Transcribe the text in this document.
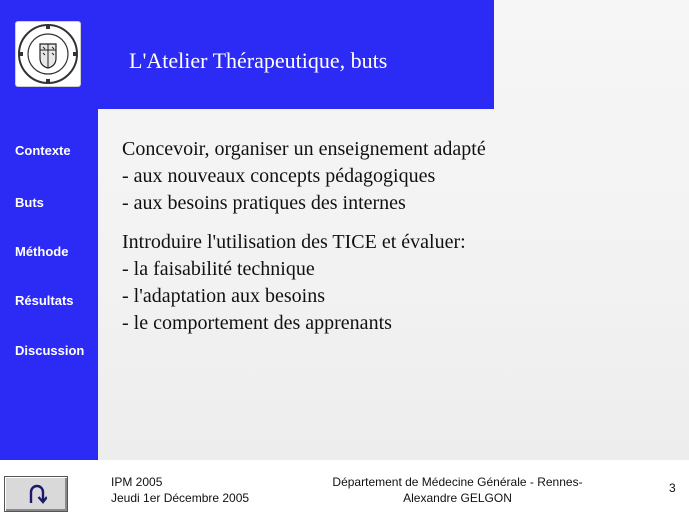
L'Atelier Thérapeutique, buts
Contexte
Buts
Méthode
Résultats
Discussion
Concevoir, organiser un enseignement adapté
- aux nouveaux concepts pédagogiques
- aux besoins pratiques des internes
Introduire l'utilisation des TICE et évaluer:
- la faisabilité technique
- l'adaptation aux besoins
- le comportement des apprenants
IPM 2005
Jeudi 1er Décembre 2005
Département de Médecine Générale - Rennes-
Alexandre GELGON
3
